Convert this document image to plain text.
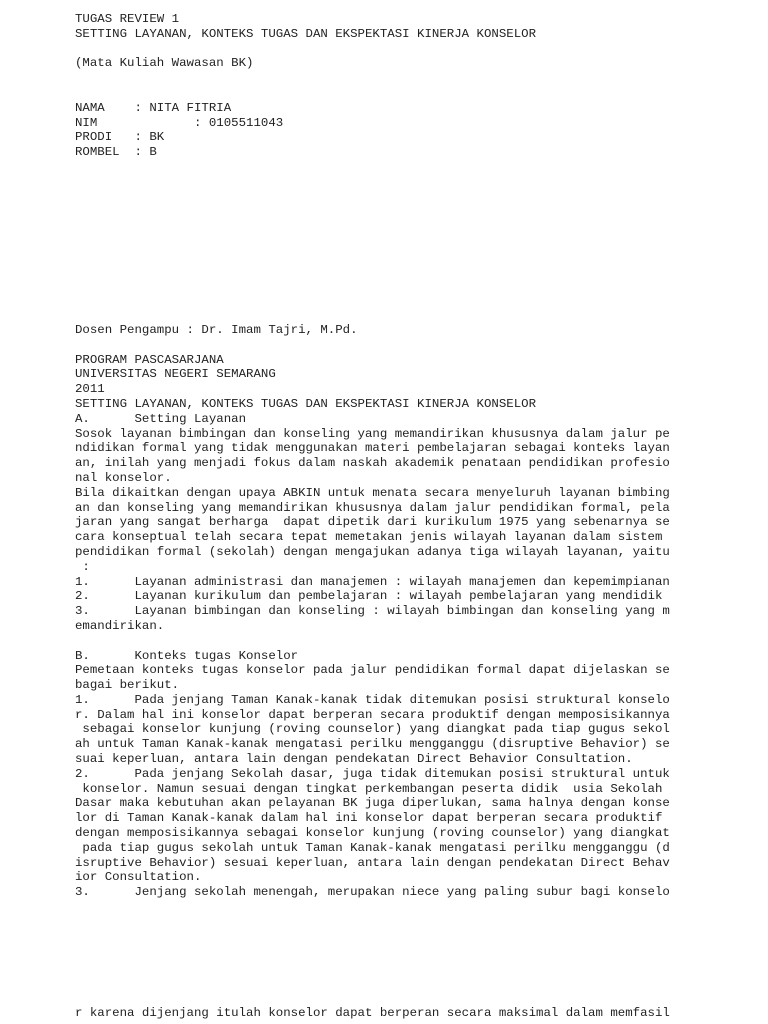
TUGAS REVIEW 1
SETTING LAYANAN, KONTEKS TUGAS DAN EKSPEKTASI KINERJA KONSELOR
(Mata Kuliah Wawasan BK)
NAMA    : NITA FITRIA
NIM             : 0105511043
PRODI   : BK
ROMBEL  : B
Dosen Pengampu : Dr. Imam Tajri, M.Pd.
PROGRAM PASCASARJANA
UNIVERSITAS NEGERI SEMARANG
2011
SETTING LAYANAN, KONTEKS TUGAS DAN EKSPEKTASI KINERJA KONSELOR
A.      Setting Layanan
Sosok layanan bimbingan dan konseling yang memandirikan khususnya dalam jalur pe
ndidikan formal yang tidak menggunakan materi pembelajaran sebagai konteks layan
an, inilah yang menjadi fokus dalam naskah akademik penataan pendidikan profesio
nal konselor.
Bila dikaitkan dengan upaya ABKIN untuk menata secara menyeluruh layanan bimbing
an dan konseling yang memandirikan khususnya dalam jalur pendidikan formal, pela
jaran yang sangat berharga  dapat dipetik dari kurikulum 1975 yang sebenarnya se
cara konseptual telah secara tepat memetakan jenis wilayah layanan dalam sistem
pendidikan formal (sekolah) dengan mengajukan adanya tiga wilayah layanan, yaitu
:
1.      Layanan administrasi dan manajemen : wilayah manajemen dan kepemimpianan
2.      Layanan kurikulum dan pembelajaran : wilayah pembelajaran yang mendidik
3.      Layanan bimbingan dan konseling : wilayah bimbingan dan konseling yang m
emandirikan.
B.      Konteks tugas Konselor
Pemetaan konteks tugas konselor pada jalur pendidikan formal dapat dijelaskan se
bagai berikut.
1.      Pada jenjang Taman Kanak-kanak tidak ditemukan posisi struktural konselo
r. Dalam hal ini konselor dapat berperan secara produktif dengan memposisikannya
sebagai konselor kunjung (roving counselor) yang diangkat pada tiap gugus sekol
ah untuk Taman Kanak-kanak mengatasi perilku mengganggu (disruptive Behavior) se
suai keperluan, antara lain dengan pendekatan Direct Behavior Consultation.
2.      Pada jenjang Sekolah dasar, juga tidak ditemukan posisi struktural untuk
konselor. Namun sesuai dengan tingkat perkembangan peserta didik  usia Sekolah
Dasar maka kebutuhan akan pelayanan BK juga diperlukan, sama halnya dengan konse
lor di Taman Kanak-kanak dalam hal ini konselor dapat berperan secara produktif
dengan memposisikannya sebagai konselor kunjung (roving counselor) yang diangkat
pada tiap gugus sekolah untuk Taman Kanak-kanak mengatasi perilku mengganggu (d
isruptive Behavior) sesuai keperluan, antara lain dengan pendekatan Direct Behav
ior Consultation.
3.      Jenjang sekolah menengah, merupakan niece yang paling subur bagi konselo
r karena dijenjang itulah konselor dapat berperan secara maksimal dalam memfasil
